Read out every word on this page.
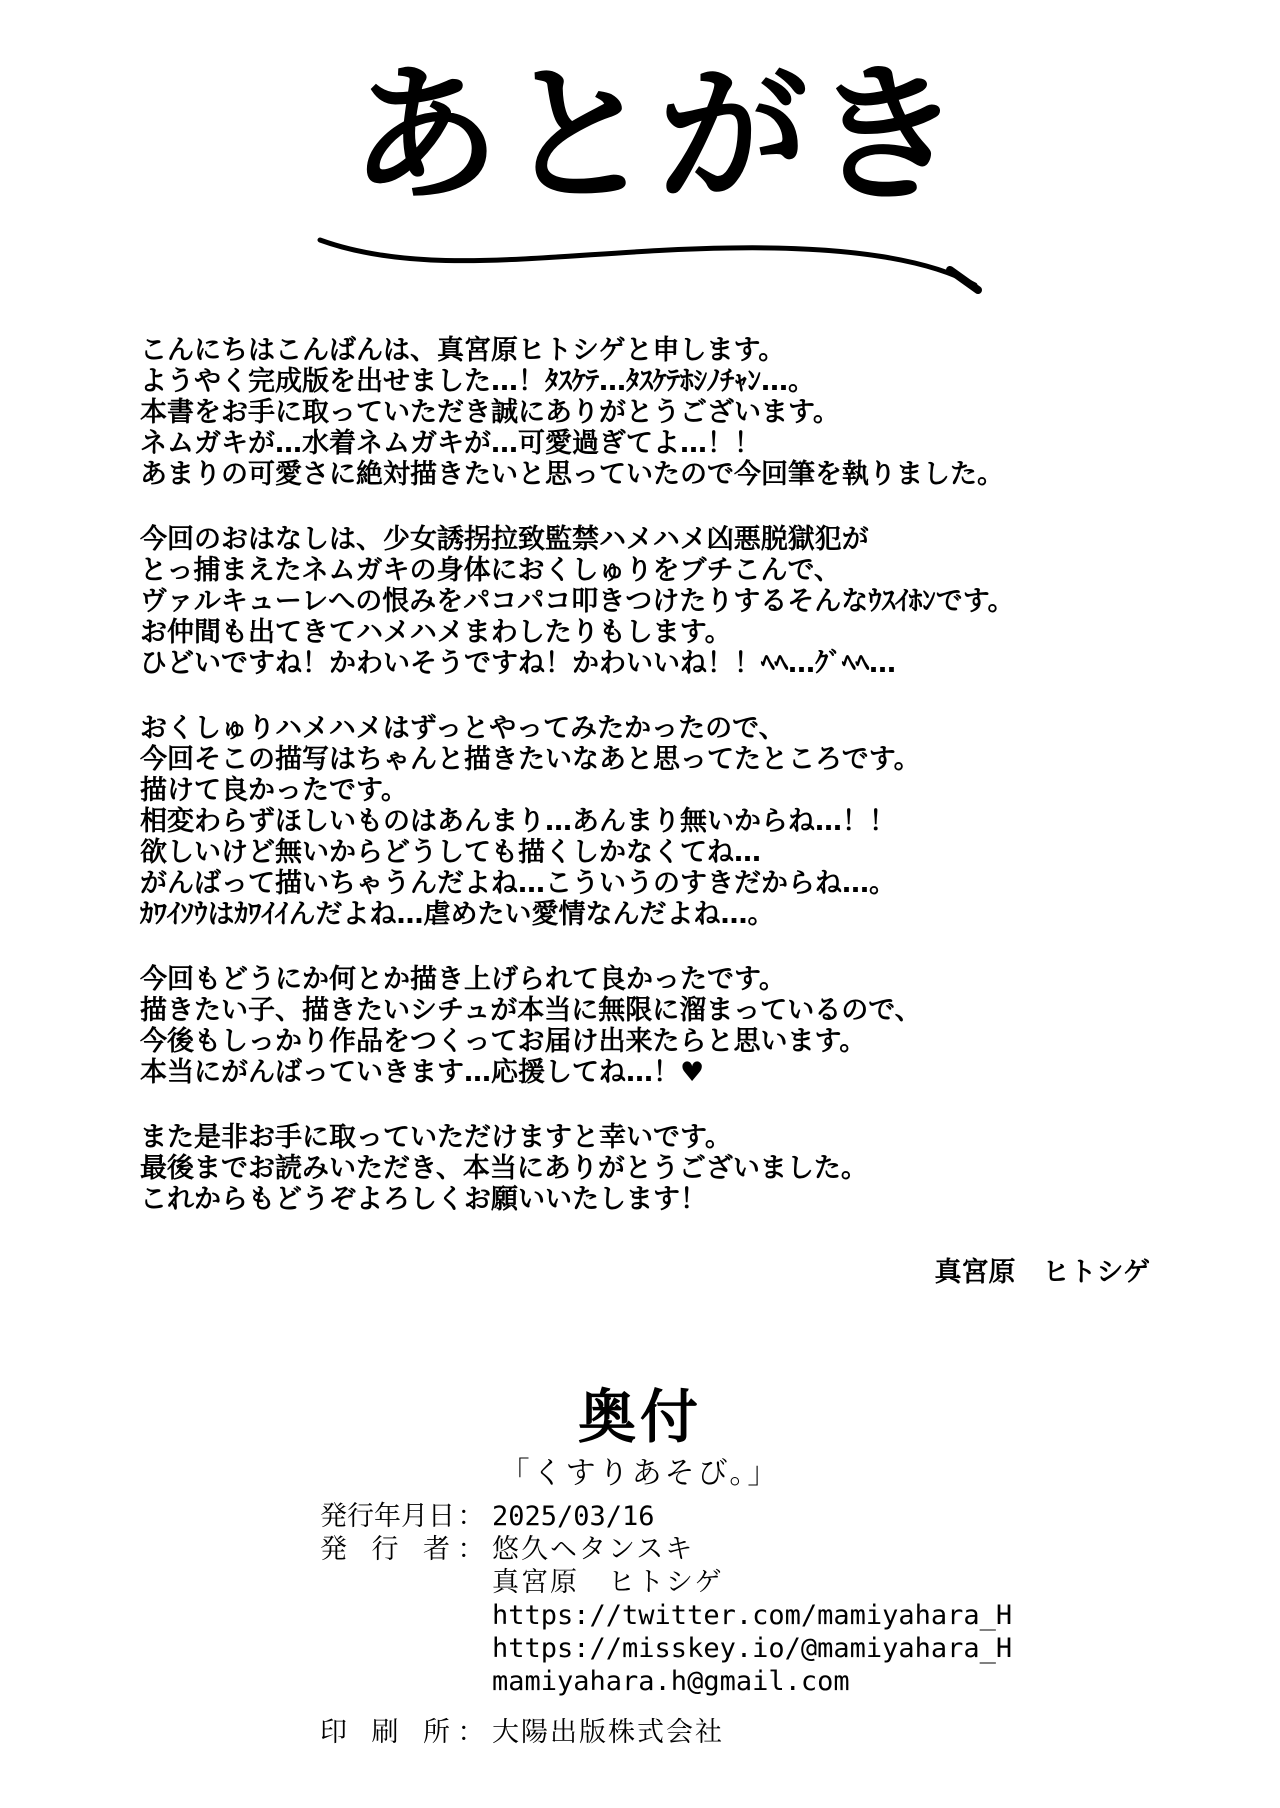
あとがき
こんにちはこんばんは、真宮原ヒトシゲと申します。
ようやく完成版を出せました…！ﾀｽｹﾃ…ﾀｽｹﾃﾎｼﾉﾁｬﾝ…。
本書をお手に取っていただき誠にありがとうございます。
ネムガキが…水着ネムガキが…可愛過ぎてよ…！！
あまりの可愛さに絶対描きたいと思っていたので今回筆を執りました。
今回のおはなしは、少女誘拐拉致監禁ハメハメ凶悪脱獄犯が
とっ捕まえたネムガキの身体におくしゅりをブチこんで、
ヴァルキューレへの恨みをパコパコ叩きつけたりするそんなｳｽｲﾎﾝです。
お仲間も出てきてハメハメまわしたりもします。
ひどいですね！かわいそうですね！かわいいね！！ﾍﾍ…ｸﾞﾍﾍ…
おくしゅりハメハメはずっとやってみたかったので、
今回そこの描写はちゃんと描きたいなあと思ってたところです。
描けて良かったです。
相変わらずほしいものはあんまり…あんまり無いからね…！！
欲しいけど無いからどうしても描くしかなくてね…
がんばって描いちゃうんだよね…こういうのすきだからね…。
ｶﾜｲｿｳはｶﾜｲｲんだよね…虐めたい愛情なんだよね…。
今回もどうにか何とか描き上げられて良かったです。
描きたい子、描きたいシチュが本当に無限に溜まっているので、
今後もしっかり作品をつくってお届け出来たらと思います。
本当にがんばっていきます…応援してね…！♥
また是非お手に取っていただけますと幸いです。
最後までお読みいただき、本当にありがとうございました。
これからもどうぞよろしくお願いいたします！
真宮原　ヒトシゲ
奥付
「くすりあそび。」
発行年月日 ： 2025/03/16
発行者 ： 悠久ヘタンスキ
真宮原　ヒトシゲ
https://twitter.com/mamiyahara_H
https://misskey.io/@mamiyahara_H
mamiyahara.h@gmail.com
印刷所 ： 大陽出版株式会社
